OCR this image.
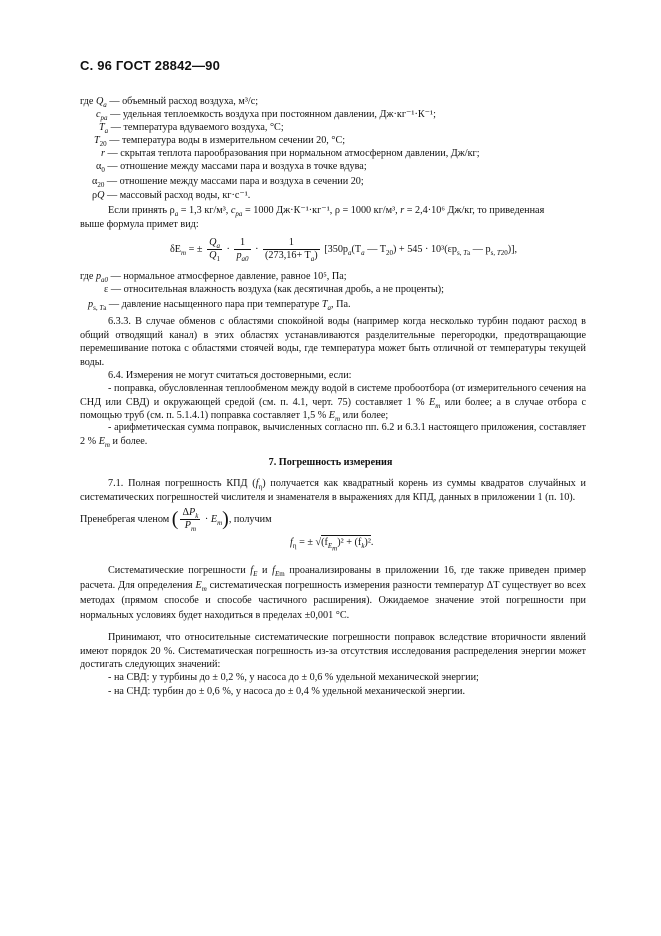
С. 96 ГОСТ 28842—90
где $Q_a$ — объемный расход воздуха, м³/с;
$c_{pa}$ — удельная теплоемкость воздуха при постоянном давлении, Дж·кг⁻¹·К⁻¹;
$T_a$ — температура вдуваемого воздуха, °С;
$T_{20}$ — температура воды в измерительном сечении 20, °С;
r — скрытая теплота парообразования при нормальном атмосферном давлении, Дж/кг;
$\alpha_0$ — отношение между массами пара и воздуха в точке вдува;
$\alpha_{20}$ — отношение между массами пара и воздуха в сечении 20;
ρQ — массовый расход воды, кг·с⁻¹.
Если принять $\rho_a = 1,3$ кг/м³, $c_{pa} = 1000$ Дж·К⁻¹·кг⁻¹, ρ = 1000 кг/м³, r = 2,4·10⁶ Дж/кг, то приведенная
выше формула примет вид:
$\delta E_m$ = ± $\frac{Q_a}{Q_1} \cdot \frac{1}{p_{a0}} \cdot \frac{1}{(273,16+ T_a)} [350p_a(T_a$ — $T_{20}) + 545 \cdot 10^3(\varepsilon p_{s, Ta}$ — $p_{s, T20}$)],
где $p_{a0}$ — нормальное атмосферное давление, равное 10⁵, Па;
ε — относительная влажность воздуха (как десятичная дробь, а не проценты);
$p_{s, Ta}$ — давление насыщенного пара при температуре $T_a$, Па.
6.3.3. В случае обменов с областями спокойной воды (например когда несколько турбин подают расход в общий отводящий канал) в этих областях устанавливаются разделительные перегородки, предотвращающие перемешивание потока с областями стоячей воды, где температура может быть отличной от температуры текущей воды.
6.4. Измерения не могут считаться достоверными, если:
- поправка, обусловленная теплообменом между водой в системе пробоотбора (от измерительного сечения на СНД или СВД) и окружающей средой (см. п. 4.1, черт. 75) составляет 1 % $E_m$ или более; а в случае отбора с помощью труб (см. п. 5.1.4.1) поправка составляет 1,5 % $E_m$ или более;
- арифметическая сумма поправок, вычисленных согласно пп. 6.2 и 6.3.1 настоящего приложения, составляет 2 % $E_m$ и более.
7. Погрешность измерения
7.1. Полная погрешность КПД $(f_\eta)$ получается как квадратный корень из суммы квадратов случайных и систематических погрешностей числителя и знаменателя в выражениях для КПД, данных в приложении 1 (п. 10).
Пренебрегая членом ( $\frac{\Delta P_k}{P_m} \cdot E_m$), получим
$f_\eta$ = ± $√(f_{E_m})^2 + (f_k)^2$.
Систематические погрешности $f_E$ и $f_{Em}$ проанализированы в приложении 16, где также приведен пример расчета. Для определения $E_m$ систематическая погрешность измерения разности температур ΔT существует во всех методах (прямом способе и способе частичного расширения). Ожидаемое значение этой погрешности при нормальных условиях будет находиться в пределах ±0,001 °С.
Принимают, что относительные систематические погрешности поправок вследствие вторичности явлений имеют порядок 20 %. Систематическая погрешность из-за отсутствия исследования распределения энергии может достигать следующих значений:
- на СВД: у турбины до ± 0,2 %, у насоса до ± 0,6 % удельной механической энергии;
- на СНД: турбин до ± 0,6 %, у насоса до ± 0,4 % удельной механической энергии.
